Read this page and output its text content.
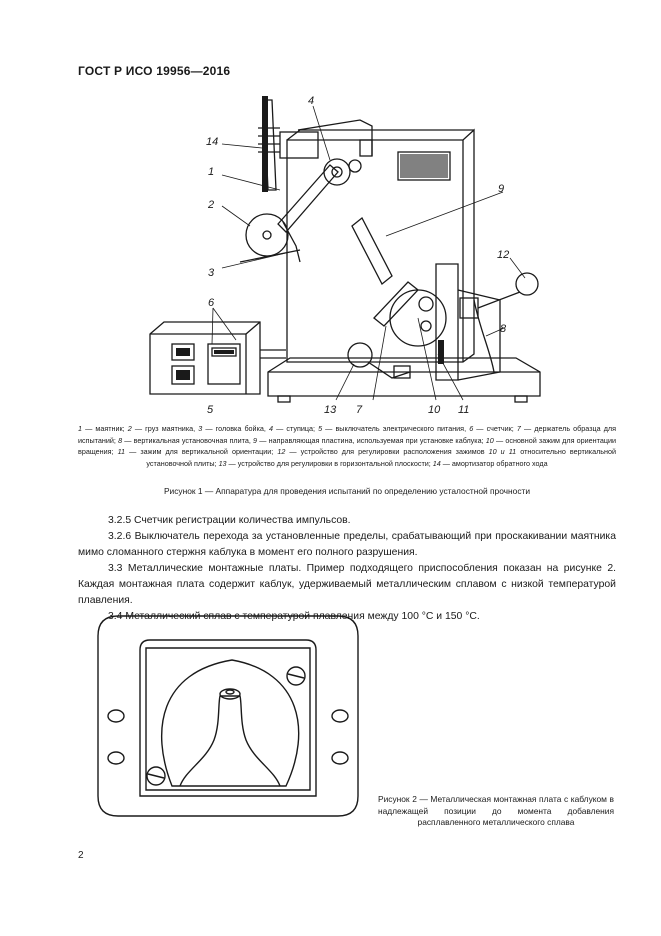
ГОСТ Р ИСО 19956—2016
1
2
3
4
5
6
7
8
9
10 11
12
13
14
1 — маятник; 2 — груз маятника, 3 — головка бойка, 4 — ступица; 5 — выключатель электрического питания, 6 — счетчик; 7 — держатель образца для испытаний; 8 — вертикальная установочная плита, 9 — направляющая пластина, используемая при установке каблука; 10 — основной зажим для ориентации вращения; 11 — зажим для вертикальной ориентации; 12 — устройство для регулировки расположения зажимов 10 и 11 относительно вертикальной установочной плиты; 13 — устройство для регулировки в горизонтальной плоскости; 14 — амортизатор обратного хода
Рисунок 1 — Аппаратура для проведения испытаний по определению усталостной прочности

3.2.5 Счетчик регистрации количества импульсов.

3.2.6 Выключатель перехода за установленные пределы, срабатывающий при проскакивании маятника мимо сломанного стержня каблука в момент его полного разрушения.

3.3 Металлические монтажные платы. Пример подходящего приспособления показан на рисунке 2. Каждая монтажная плата содержит каблук, удерживаемый металлическим сплавом с низкой температурой плавления.

3.4 Металлический сплав с температурой плавления между 100 °С и 150 °С.

Рисунок 2 — Металлическая монтажная плата с каблуком в надлежащей позиции до момента добавления расплавленного металлического сплава
2
